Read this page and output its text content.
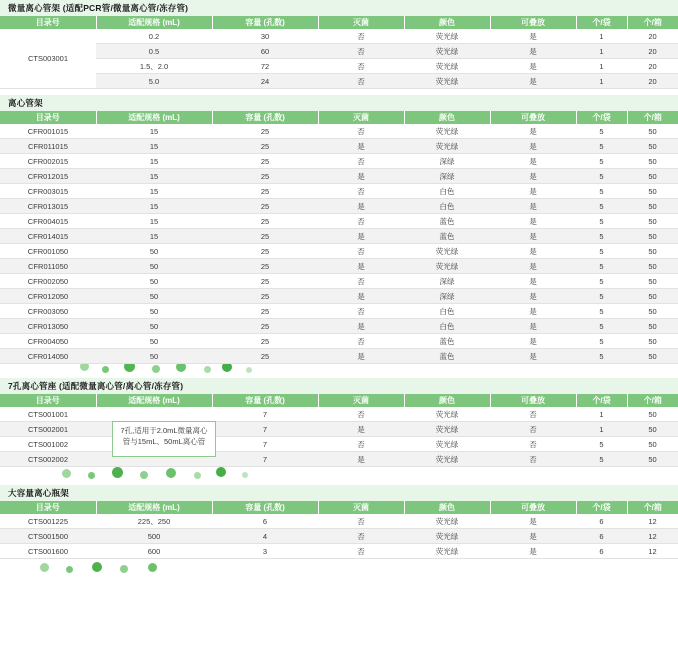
微量离心管架 (适配PCR管/微量离心管/冻存管)
目录号	适配规格 (mL)	容量 (孔数)	灭菌	颜色	可叠放	个/袋	个/箱
CTS003001	0.2	30	否	荧光绿	是	1	20
	0.5	60	否	荧光绿	是	1	20
	1.5、2.0	72	否	荧光绿	是	1	20
	5.0	24	否	荧光绿	是	1	20
离心管架
目录号	适配规格 (mL)	容量 (孔数)	灭菌	颜色	可叠放	个/袋	个/箱
CFR001015	15	25	否	荧光绿	是	5	50
CFR011015	15	25	是	荧光绿	是	5	50
CFR002015	15	25	否	深绿	是	5	50
CFR012015	15	25	是	深绿	是	5	50
CFR003015	15	25	否	白色	是	5	50
CFR013015	15	25	是	白色	是	5	50
CFR004015	15	25	否	蓝色	是	5	50
CFR014015	15	25	是	蓝色	是	5	50
CFR001050	50	25	否	荧光绿	是	5	50
CFR011050	50	25	是	荧光绿	是	5	50
CFR002050	50	25	否	深绿	是	5	50
CFR012050	50	25	是	深绿	是	5	50
CFR003050	50	25	否	白色	是	5	50
CFR013050	50	25	是	白色	是	5	50
CFR004050	50	25	否	蓝色	是	5	50
CFR014050	50	25	是	蓝色	是	5	50
7孔离心管座 (适配微量离心管/离心管/冻存管)
目录号	适配规格 (mL)	容量 (孔数)	灭菌	颜色	可叠放	个/袋	个/箱
CTS001001		7	否	荧光绿	否	1	50
CTS002001		7	是	荧光绿	否	1	50
CTS001002		7	否	荧光绿	否	5	50
CTS002002		7	是	荧光绿	否	5	50
7孔,适用于2.0mL微量离心管与15mL、50mL离心管
大容量离心瓶架
目录号	适配规格 (mL)	容量 (孔数)	灭菌	颜色	可叠放	个/袋	个/箱
CTS001225	225、250	6	否	荧光绿	是	6	12
CTS001500	500	4	否	荧光绿	是	6	12
CTS001600	600	3	否	荧光绿	是	6	12
